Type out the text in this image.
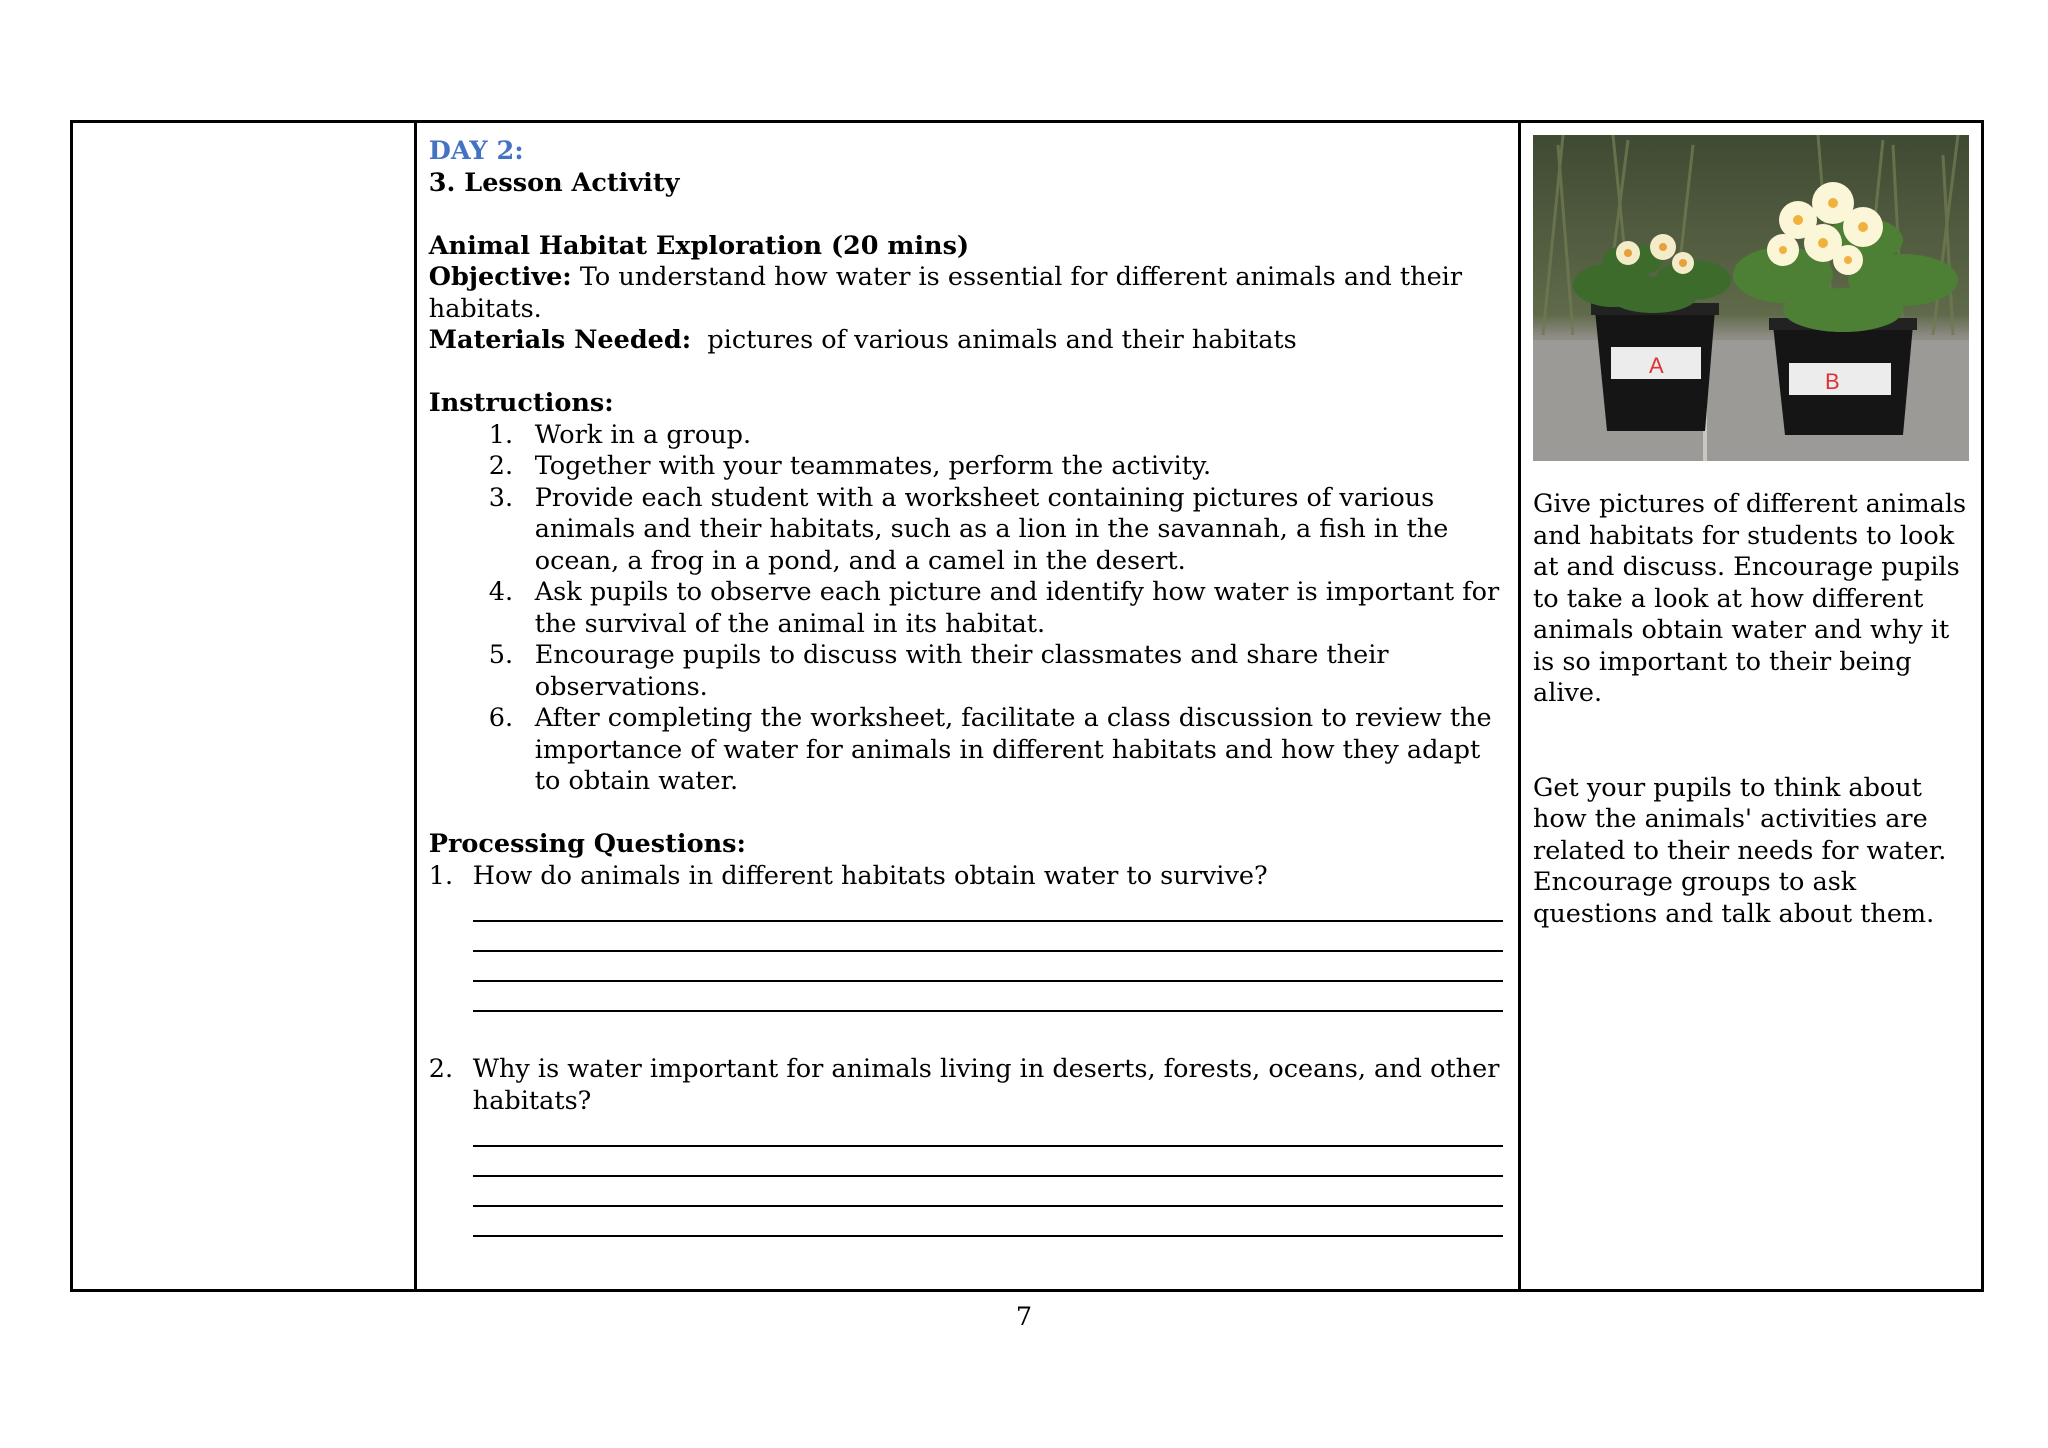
DAY 2:
3. Lesson Activity
Animal Habitat Exploration (20 mins)
Objective: To understand how water is essential for different animals and their habitats.
Materials Needed: pictures of various animals and their habitats
Instructions:
1. Work in a group.
2. Together with your teammates, perform the activity.
3. Provide each student with a worksheet containing pictures of various animals and their habitats, such as a lion in the savannah, a fish in the ocean, a frog in a pond, and a camel in the desert.
4. Ask pupils to observe each picture and identify how water is important for the survival of the animal in its habitat.
5. Encourage pupils to discuss with their classmates and share their observations.
6. After completing the worksheet, facilitate a class discussion to review the importance of water for animals in different habitats and how they adapt to obtain water.
Processing Questions:
1. How do animals in different habitats obtain water to survive?
2. Why is water important for animals living in deserts, forests, oceans, and other habitats?
A
B
Give pictures of different animals and habitats for students to look at and discuss. Encourage pupils to take a look at how different animals obtain water and why it is so important to their being alive.
Get your pupils to think about how the animals' activities are related to their needs for water. Encourage groups to ask questions and talk about them.
7
